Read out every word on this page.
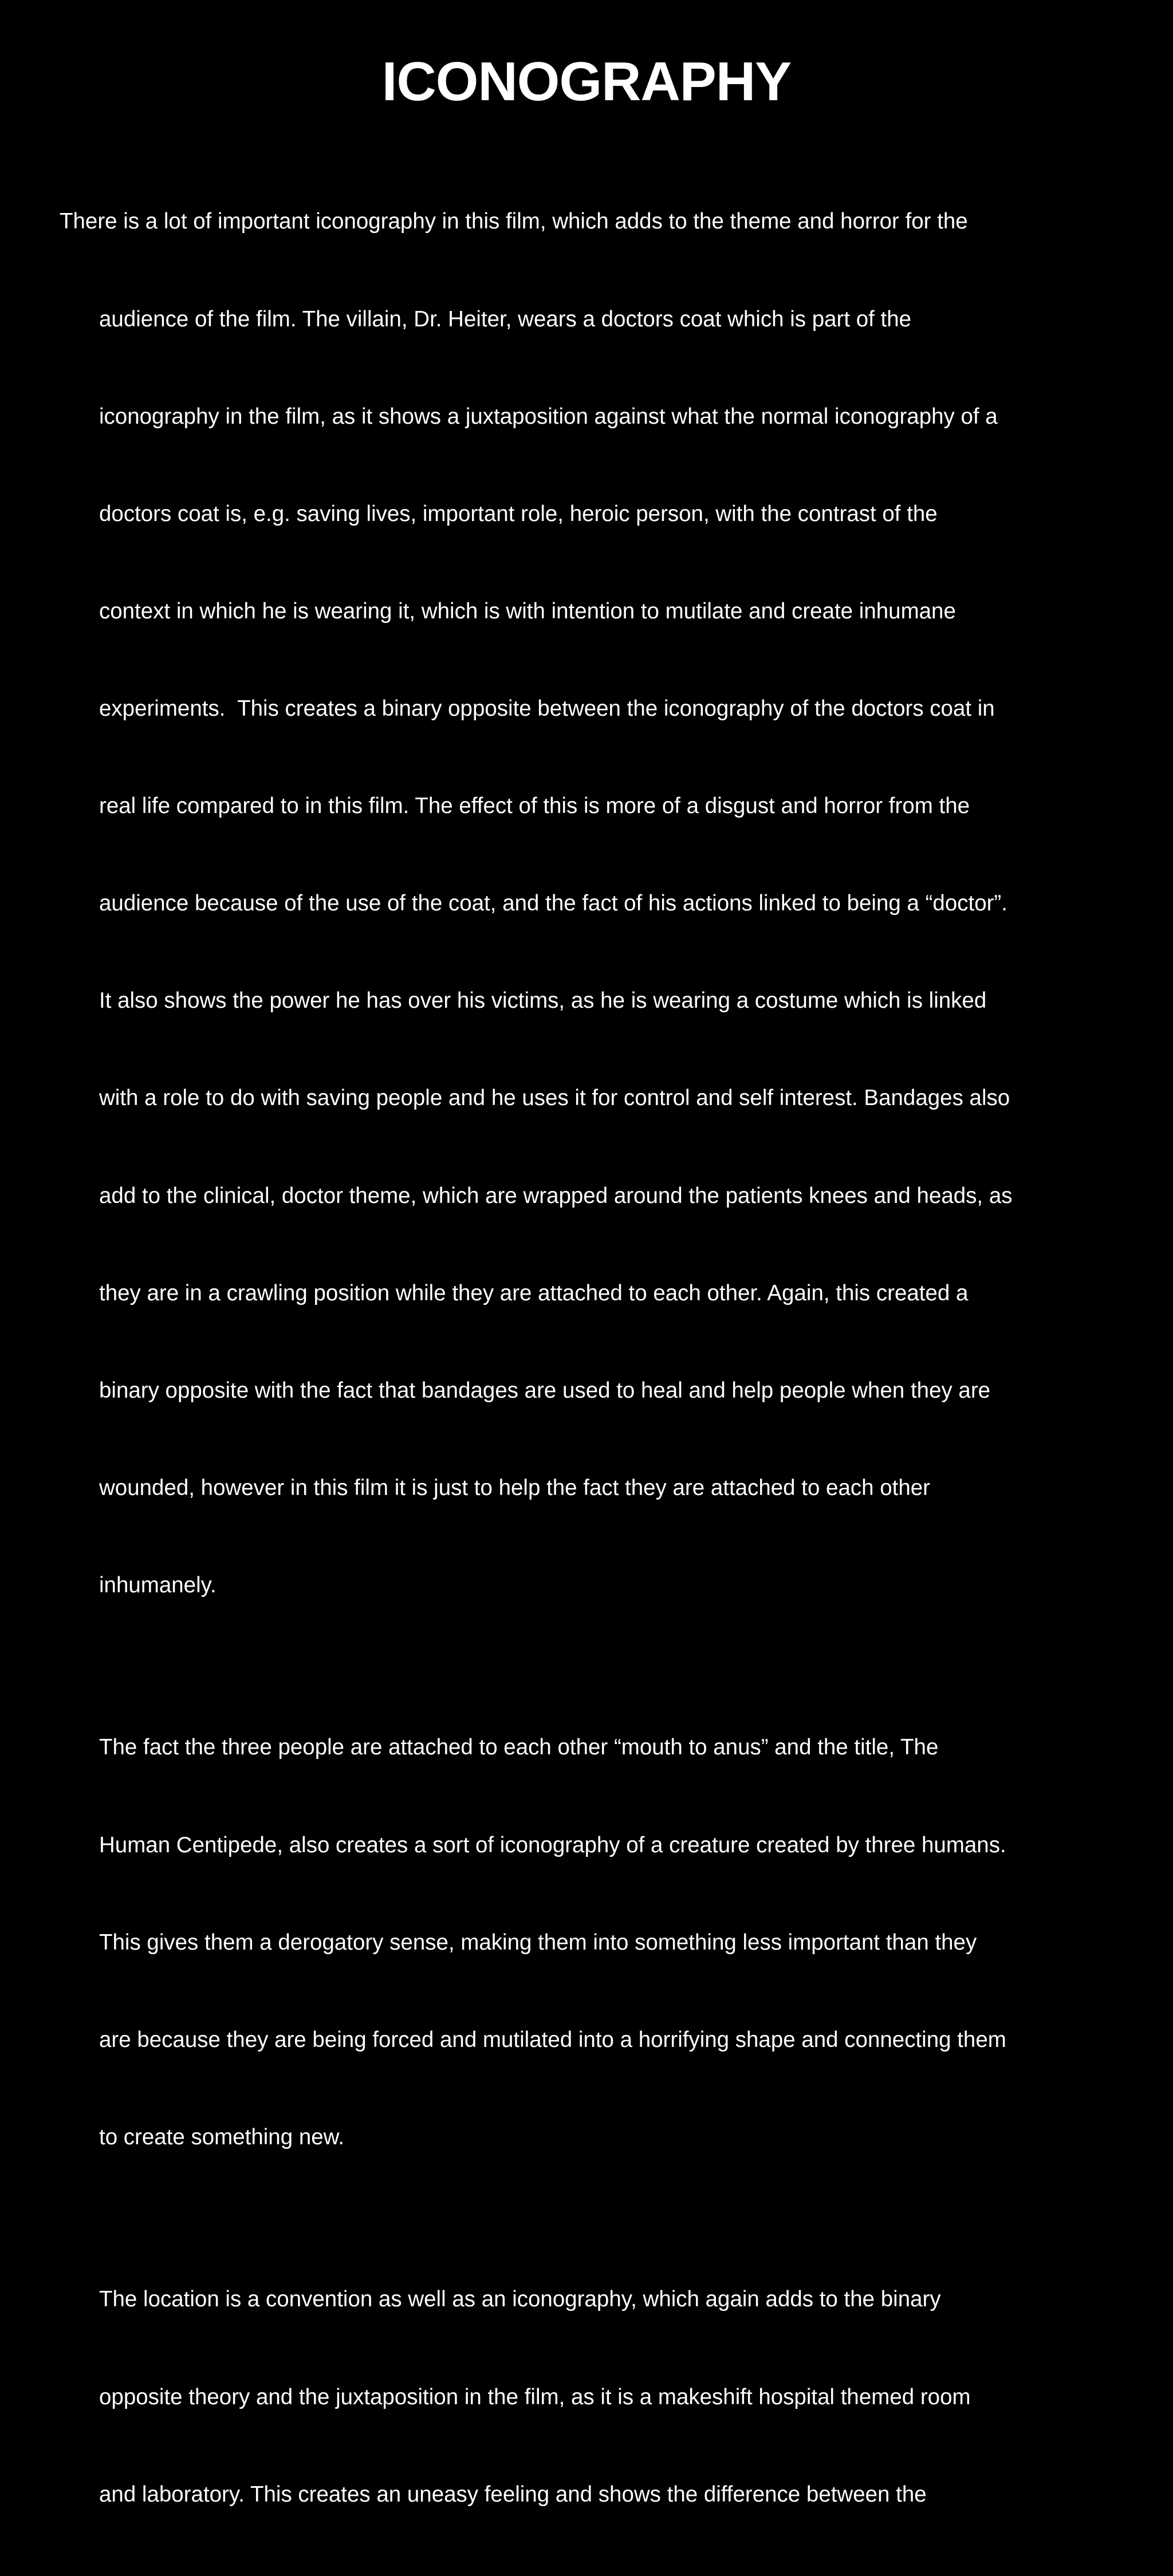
ICONOGRAPHY

There is a lot of important iconography in this film, which adds to the theme and horror for the

audience of the film. The villain, Dr. Heiter, wears a doctors coat which is part of the

iconography in the film, as it shows a juxtaposition against what the normal iconography of a

doctors coat is, e.g. saving lives, important role, heroic person, with the contrast of the

context in which he is wearing it, which is with intention to mutilate and create inhumane

experiments.  This creates a binary opposite between the iconography of the doctors coat in

real life compared to in this film. The effect of this is more of a disgust and horror from the

audience because of the use of the coat, and the fact of his actions linked to being a “doctor”.

It also shows the power he has over his victims, as he is wearing a costume which is linked

with a role to do with saving people and he uses it for control and self interest. Bandages also

add to the clinical, doctor theme, which are wrapped around the patients knees and heads, as

they are in a crawling position while they are attached to each other. Again, this created a

binary opposite with the fact that bandages are used to heal and help people when they are

wounded, however in this film it is just to help the fact they are attached to each other

inhumanely.

The fact the three people are attached to each other “mouth to anus” and the title, The

Human Centipede, also creates a sort of iconography of a creature created by three humans.

This gives them a derogatory sense, making them into something less important than they

are because they are being forced and mutilated into a horrifying shape and connecting them

to create something new.

The location is a convention as well as an iconography, which again adds to the binary

opposite theory and the juxtaposition in the film, as it is a makeshift hospital themed room

and laboratory. This creates an uneasy feeling and shows the difference between the
